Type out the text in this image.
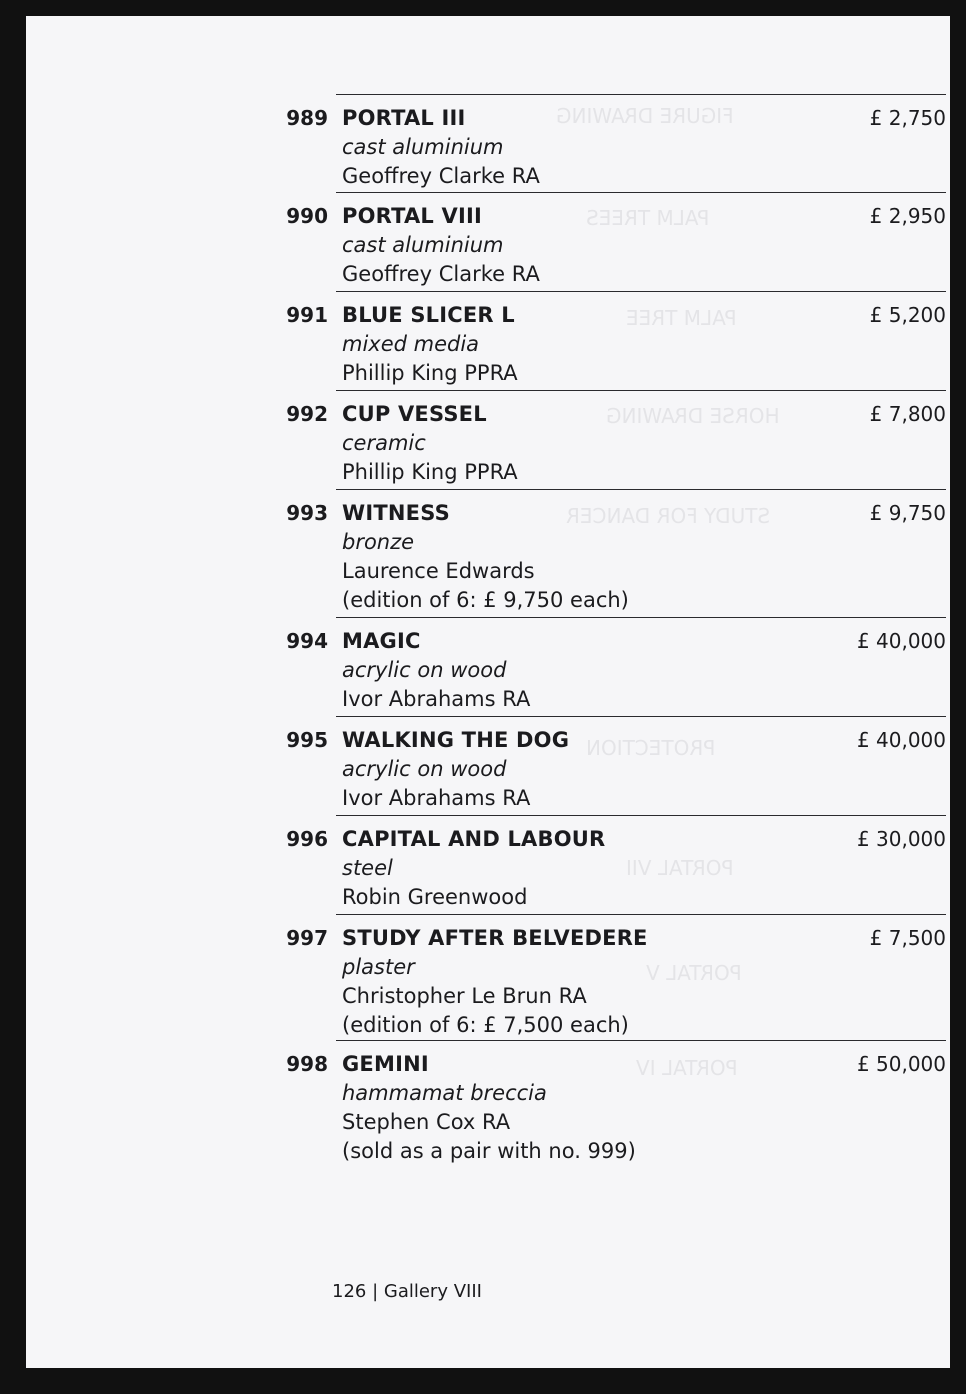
FIGURE DRAWING
PALM TREES
PALM TREE
HORSE DRAWING
STUDY FOR DANCER
PROTECTION
PORTAL VII
PORTAL V
PORTAL IV
989 PORTAL III
cast aluminium
Geoffrey Clarke RA
£ 2,750
990 PORTAL VIII
cast aluminium
Geoffrey Clarke RA
£ 2,950
991 BLUE SLICER L
mixed media
Phillip King PPRA
£ 5,200
992 CUP VESSEL
ceramic
Phillip King PPRA
£ 7,800
993 WITNESS
bronze
Laurence Edwards
(edition of 6: £ 9,750 each)
£ 9,750
994 MAGIC
acrylic on wood
Ivor Abrahams RA
£ 40,000
995 WALKING THE DOG
acrylic on wood
Ivor Abrahams RA
£ 40,000
996 CAPITAL AND LABOUR
steel
Robin Greenwood
£ 30,000
997 STUDY AFTER BELVEDERE
plaster
Christopher Le Brun RA
(edition of 6: £ 7,500 each)
£ 7,500
998 GEMINI
hammamat breccia
Stephen Cox RA
(sold as a pair with no. 999)
£ 50,000
126 | Gallery VIII
